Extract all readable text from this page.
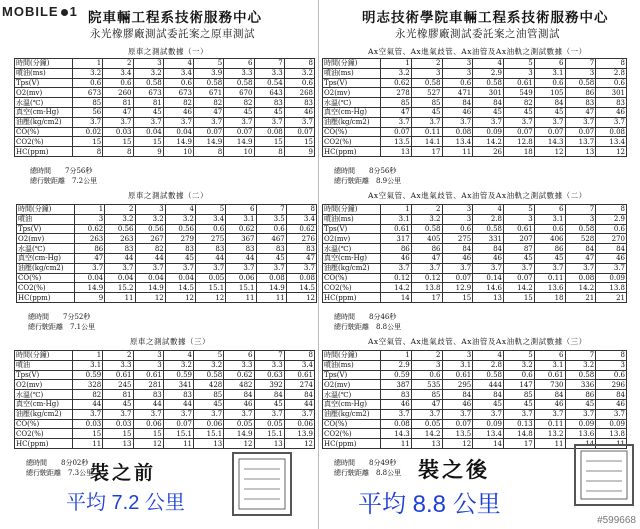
MOBILE 1 院車輛工程系技術服務中心
永光橡膠廠測試委託案之原車測試
明志技術學院車輛工程系技術服務中心
永光橡膠廠測試委託案之油管測試
原車之測試數據（一）
時間(分鐘)	1	2	3	4	5	6	7	8
噴油(ms)	3.2	3.4	3.2	3.4	3.9	3.3	3.3	3.2
Tps(V)	0.6	0.6	0.58	0.6	0.58	0.58	0.54	0.6
O2(mv)	673	260	673	673	671	670	643	268
水溫(℃)	85	81	81	82	82	82	83	83
真空(cm-Hg)	56	47	45	46	47	45	45	46
油壓(kg/cm2)	3.7	3.7	3.7	3.7	3.7	3.7	3.7	3.7
CO(%)	0.02	0.03	0.04	0.04	0.07	0.07	0.08	0.07
CO2(%)	15	15	15	14.9	14.9	14.9	15	15
HC(ppm)	8	8	9	10	8	10	8	9
總時間　　7分56秒
總行駛距離　7.2公里
原車之測試數據（二）
時間(分鐘)	1	2	3	4	5	6	7	8
噴油	3	3.2	3.2	3.2	3.4	3.1	3.5	3.4
Tps(V)	0.62	0.56	0.56	0.56	0.6	0.62	0.6	0.62
O2(mv)	263	263	267	279	275	367	467	276
水溫(℃)	86	83	82	83	83	83	83	83
真空(cm-Hg)	47	44	44	45	44	44	45	47
油壓(kg/cm2)	3.7	3.7	3.7	3.7	3.7	3.7	3.7	3.7
CO(%)	0.04	0.04	0.04	0.04	0.05	0.06	0.08	0.08
CO2(%)	14.9	15.2	14.9	14.5	15.1	15.1	14.9	14.5
HC(ppm)	9	11	12	12	12	11	11	12
總時間　　7分52秒
總行駛距離　7.1公里
原車之測試數據（三）
時間(分鐘)	1	2	3	4	5	6	7	8
噴油	3.1	3.3	3	3.2	3.2	3.3	3.3	3.4
Tps(V)	0.59	0.61	0.61	0.59	0.58	0.62	0.63	0.61
O2(mv)	328	245	281	341	428	482	392	274
水溫(℃)	82	81	83	83	85	84	84	84
真空(cm-Hg)	44	45	44	44	45	46	45	44
油壓(kg/cm2)	3.7	3.7	3.7	3.7	3.7	3.7	3.7	3.7
CO(%)	0.03	0.03	0.06	0.07	0.06	0.05	0.05	0.06
CO2(%)	15	15	15	15.1	15.1	14.9	15.1	13.9
HC(ppm)	11	13	12	11	13	12	13	12
總時間　　8分02秒
總行駛距離　7.3公里
裝之前
平均 7.2 公里
Ax空氣管、Ax進氣歧管、Ax油管及Ax油軌之測試數據（一）
時間(分鐘)	1	2	3	4	5	6	7	8
噴油(ms)	3.2	3	3	2.9	3	3.1	3	2.8
Tps(V)	0.62	0.58	0.6	0.58	0.61	0.6	0.58	0.6
O2(mv)	278	527	471	301	549	105	86	301
水溫(℃)	85	85	84	84	82	84	83	83
真空(cm-Hg)	47	45	46	45	45	45	47	46
油壓(kg/cm2)	3.7	3.7	3.7	3.7	3.7	3.7	3.7	3.7
CO(%)	0.07	0.11	0.08	0.09	0.07	0.07	0.07	0.08
CO2(%)	13.5	14.1	13.4	14.2	12.8	14.3	13.7	13.4
HC(ppm)	13	17	11	26	18	12	13	12
總時間　　8分56秒
總行駛距離　8.9公里
Ax空氣管、Ax進氣歧管、Ax油管及Ax油軌之測試數據（二）
時間(分鐘)	1	2	3	4	5	6	7	8
噴油(ms)	3.1	3.2	3	2.8	3	3.1	3	2.9
Tps(V)	0.61	0.58	0.6	0.58	0.61	0.6	0.58	0.6
O2(mv)	317	405	275	331	207	406	528	270
水溫(℃)	86	86	84	84	87	86	84	84
真空(cm-Hg)	46	47	46	46	45	45	47	46
油壓(kg/cm2)	3.7	3.7	3.7	3.7	3.7	3.7	3.7	3.7
CO(%)	0.12	0.12	0.07	0.14	0.07	0.11	0.08	0.09
CO2(%)	14.2	13.8	12.9	14.6	14.2	13.6	14.2	13.8
HC(ppm)	14	17	15	13	15	18	21	21
總時間　　8分46秒
總行駛距離　8.8公里
Ax空氣管、Ax進氣歧管、Ax油管及Ax油軌之測試數據（三）
時間(分鐘)	1	2	3	4	5	6	7	8
噴油(ms)	2.9	3	3.1	2.8	3.2	3.1	3.2	3
Tps(V)	0.59	0.6	0.61	0.58	0.6	0.61	0.58	0.6
O2(mv)	387	535	295	444	147	730	336	296
水溫(℃)	83	85	84	84	85	84	86	84
真空(cm-Hg)	46	47	46	45	45	46	45	46
油壓(kg/cm2)	3.7	3.7	3.7	3.7	3.7	3.7	3.7	3.7
CO(%)	0.08	0.05	0.07	0.09	0.13	0.11	0.09	0.09
CO2(%)	14.3	14.2	13.5	13.4	14.8	13.2	13.6	13.8
HC(ppm)	11	13	12	14	17	11	14	11
總時間　　8分49秒
總行駛距離　8.8公里 裝之後
平均 8.8 公里
#599668
